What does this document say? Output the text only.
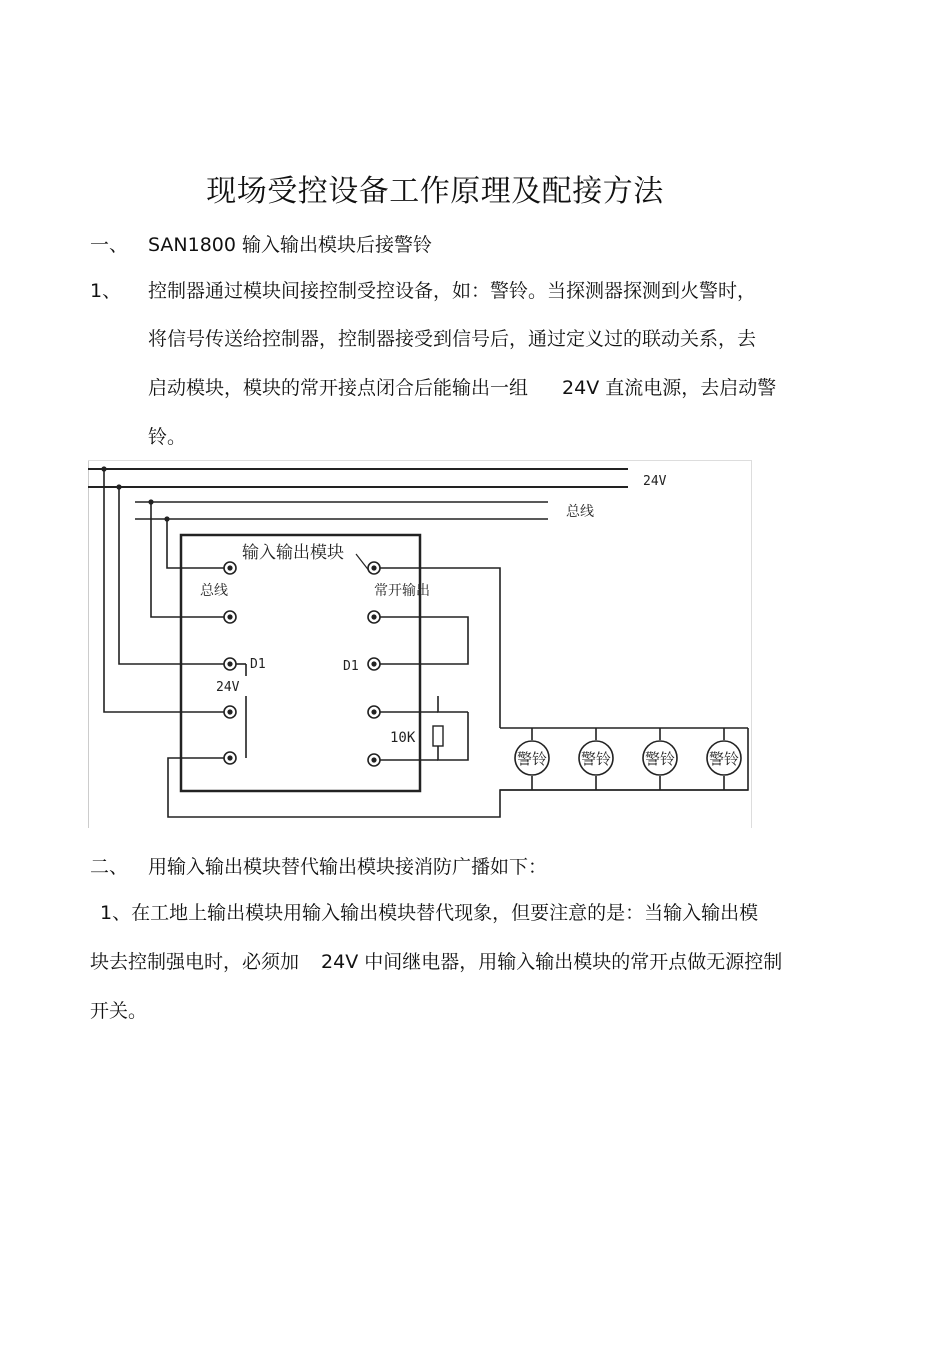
现场受控设备工作原理及配接方法
一、 SAN1800 输入输出模块后接警铃
1、 控制器通过模块间接控制受控设备，如：警铃。当探测器探测到火警时，
将信号传送给控制器，控制器接受到信号后，通过定义过的联动关系，去
启动模块，模块的常开接点闭合后能输出一组 24V 直流电源，去启动警
铃。
24V
总线
输入输出模块
总线	常开输出
D1	D1
24V
10K
警铃 警铃 警铃 警铃
二、 用输入输出模块替代输出模块接消防广播如下：
1、在工地上输出模块用输入输出模块替代现象，但要注意的是：当输入输出模
块去控制强电时，必须加 24V 中间继电器，用输入输出模块的常开点做无源控制
开关。
